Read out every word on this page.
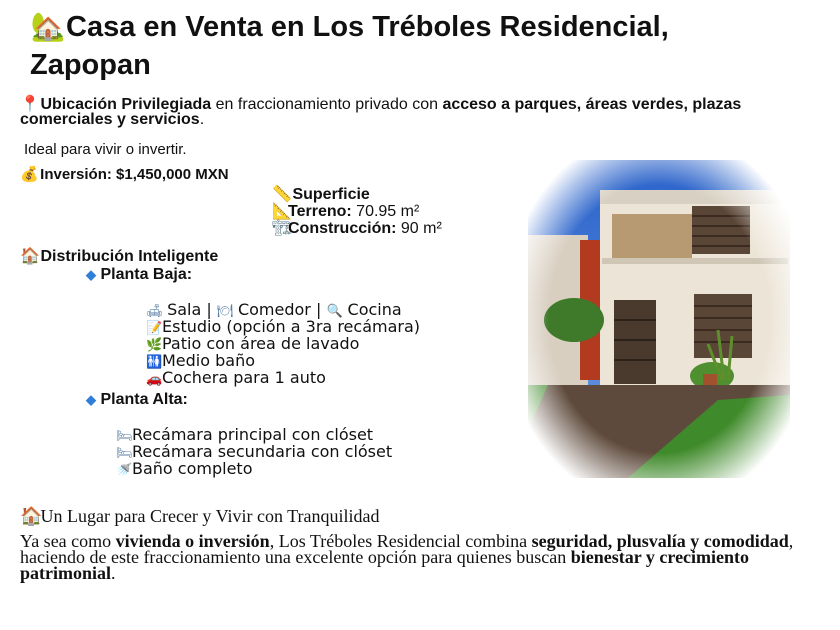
🏡Casa en Venta en Los Tréboles Residencial, Zapopan
📍 Ubicación Privilegiada en fraccionamiento privado con acceso a parques, áreas verdes, plazas comerciales y servicios.
Ideal para vivir o invertir.
💰 Inversión: $1,450,000 MXN
📏 Superficie
📐Terreno: 70.95 m²
🏗Construcción: 90 m²
🏠 Distribución Inteligente
◆ Planta Baja:
🛋 Sala | 🍽 Comedor | 🔍 Cocina
📝Estudio (opción a 3ra recámara)
🌿Patio con área de lavado
🚻Medio baño
🚗Cochera para 1 auto
◆ Planta Alta:
🛏Recámara principal con clóset
🛏Recámara secundaria con clóset
🚿Baño completo
🏠 Un Lugar para Crecer y Vivir con Tranquilidad
Ya sea como vivienda o inversión, Los Tréboles Residencial combina seguridad, plusvalía y comodidad, haciendo de este fraccionamiento una excelente opción para quienes buscan bienestar y crecimiento patrimonial.
